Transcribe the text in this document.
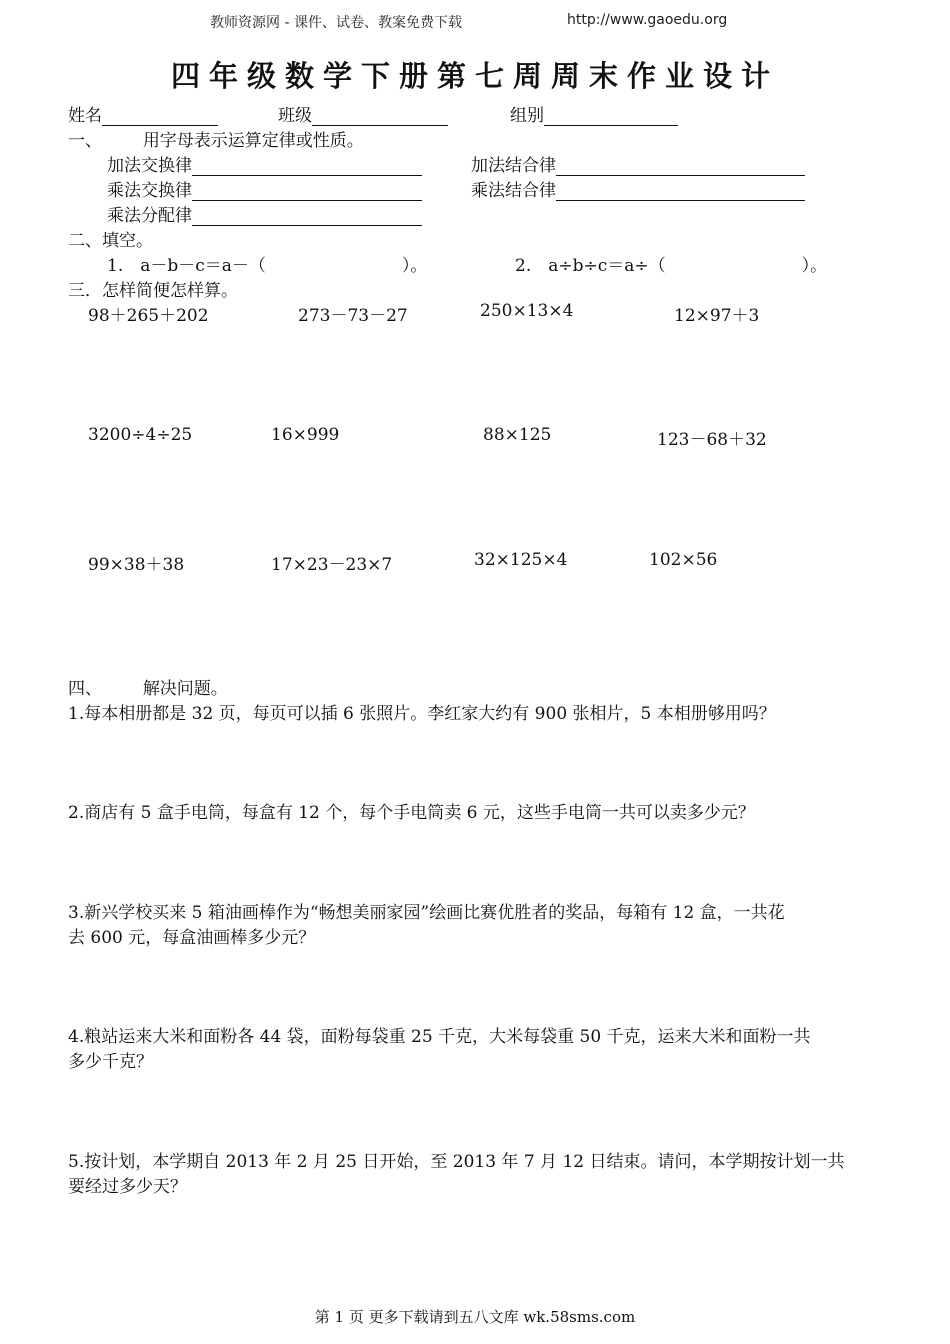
教师资源网 - 课件、试卷、教案免费下载	http://www.gaoedu.org
四年级数学下册第七周周末作业设计
姓名	班级	组别
一、 用字母表示运算定律或性质。
加法交换律	加法结合律
乘法交换律	乘法结合律
乘法分配律
二、填空。
1.　a－b－c＝a－（　　　　　　　　）。	2.　a÷b÷c＝a÷（　　　　　　　　）。
三．怎样简便怎样算。
98＋265＋202	273－73－27	250×13×4	12×97＋3
3200÷4÷25	16×999	88×125	123－68＋32
99×38＋38	17×23－23×7	32×125×4	102×56
四、 解决问题。
1.每本相册都是 32 页，每页可以插 6 张照片。李红家大约有 900 张相片，5 本相册够用吗？
2.商店有 5 盒手电筒，每盒有 12 个，每个手电筒卖 6 元，这些手电筒一共可以卖多少元？
3.新兴学校买来 5 箱油画棒作为“畅想美丽家园”绘画比赛优胜者的奖品，每箱有 12 盒，一共花
去 600 元，每盒油画棒多少元？
4.粮站运来大米和面粉各 44 袋，面粉每袋重 25 千克，大米每袋重 50 千克，运来大米和面粉一共
多少千克？
5.按计划，本学期自 2013 年 2 月 25 日开始，至 2013 年 7 月 12 日结束。请问，本学期按计划一共
要经过多少天？
第 1 页 更多下载请到五八文库 wk.58sms.com
